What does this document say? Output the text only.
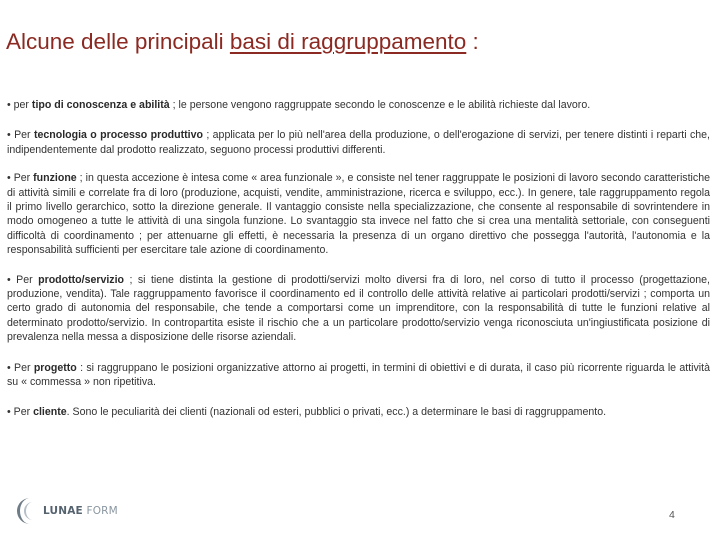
Alcune delle principali basi di raggruppamento :

• per tipo di conoscenza e abilità ; le persone vengono raggruppate secondo le conoscenze e le abilità richieste dal lavoro.

• Per tecnologia o processo produttivo ; applicata per lo più nell'area della produzione, o dell'erogazione di servizi, per tenere distinti i reparti che, indipendentemente dal prodotto realizzato, seguono processi produttivi differenti.

• Per funzione ; in questa accezione è intesa come « area funzionale », e consiste nel tener raggruppate le posizioni di lavoro secondo caratteristiche di attività simili e correlate fra di loro (produzione, acquisti, vendite, amministrazione, ricerca e sviluppo, ecc.). In genere, tale raggruppamento regola il primo livello gerarchico, sotto la direzione generale. Il vantaggio consiste nella specializzazione, che consente al responsabile di sovrintendere in modo omogeneo a tutte le attività di una singola funzione. Lo svantaggio sta invece nel fatto che si crea una mentalità settoriale, con conseguenti difficoltà di coordinamento ; per attenuarne gli effetti, è necessaria la presenza di un organo direttivo che possegga l'autorità, l'autonomia e la responsabilità sufficienti per esercitare tale azione di coordinamento.

• Per prodotto/servizio ; si tiene distinta la gestione di prodotti/servizi molto diversi fra di loro, nel corso di tutto il processo (progettazione, produzione, vendita). Tale raggruppamento favorisce il coordinamento ed il controllo delle attività relative ai particolari prodotti/servizi ; comporta un certo grado di autonomia del responsabile, che tende a comportarsi come un imprenditore, con la responsabilità di tutte le funzioni relative al determinato prodotto/servizio. In contropartita esiste il rischio che a un particolare prodotto/servizio venga riconosciuta un'ingiustificata posizione di prevalenza nella messa a disposizione delle risorse aziendali.

• Per progetto : si raggruppano le posizioni organizzative attorno ai progetti, in termini di obiettivi e di durata, il caso più ricorrente riguarda le attività su « commessa » non ripetitiva.

• Per cliente. Sono le peculiarità dei clienti (nazionali od esteri, pubblici o privati, ecc.) a determinare le basi di raggruppamento.

LUNAE FORM	4
